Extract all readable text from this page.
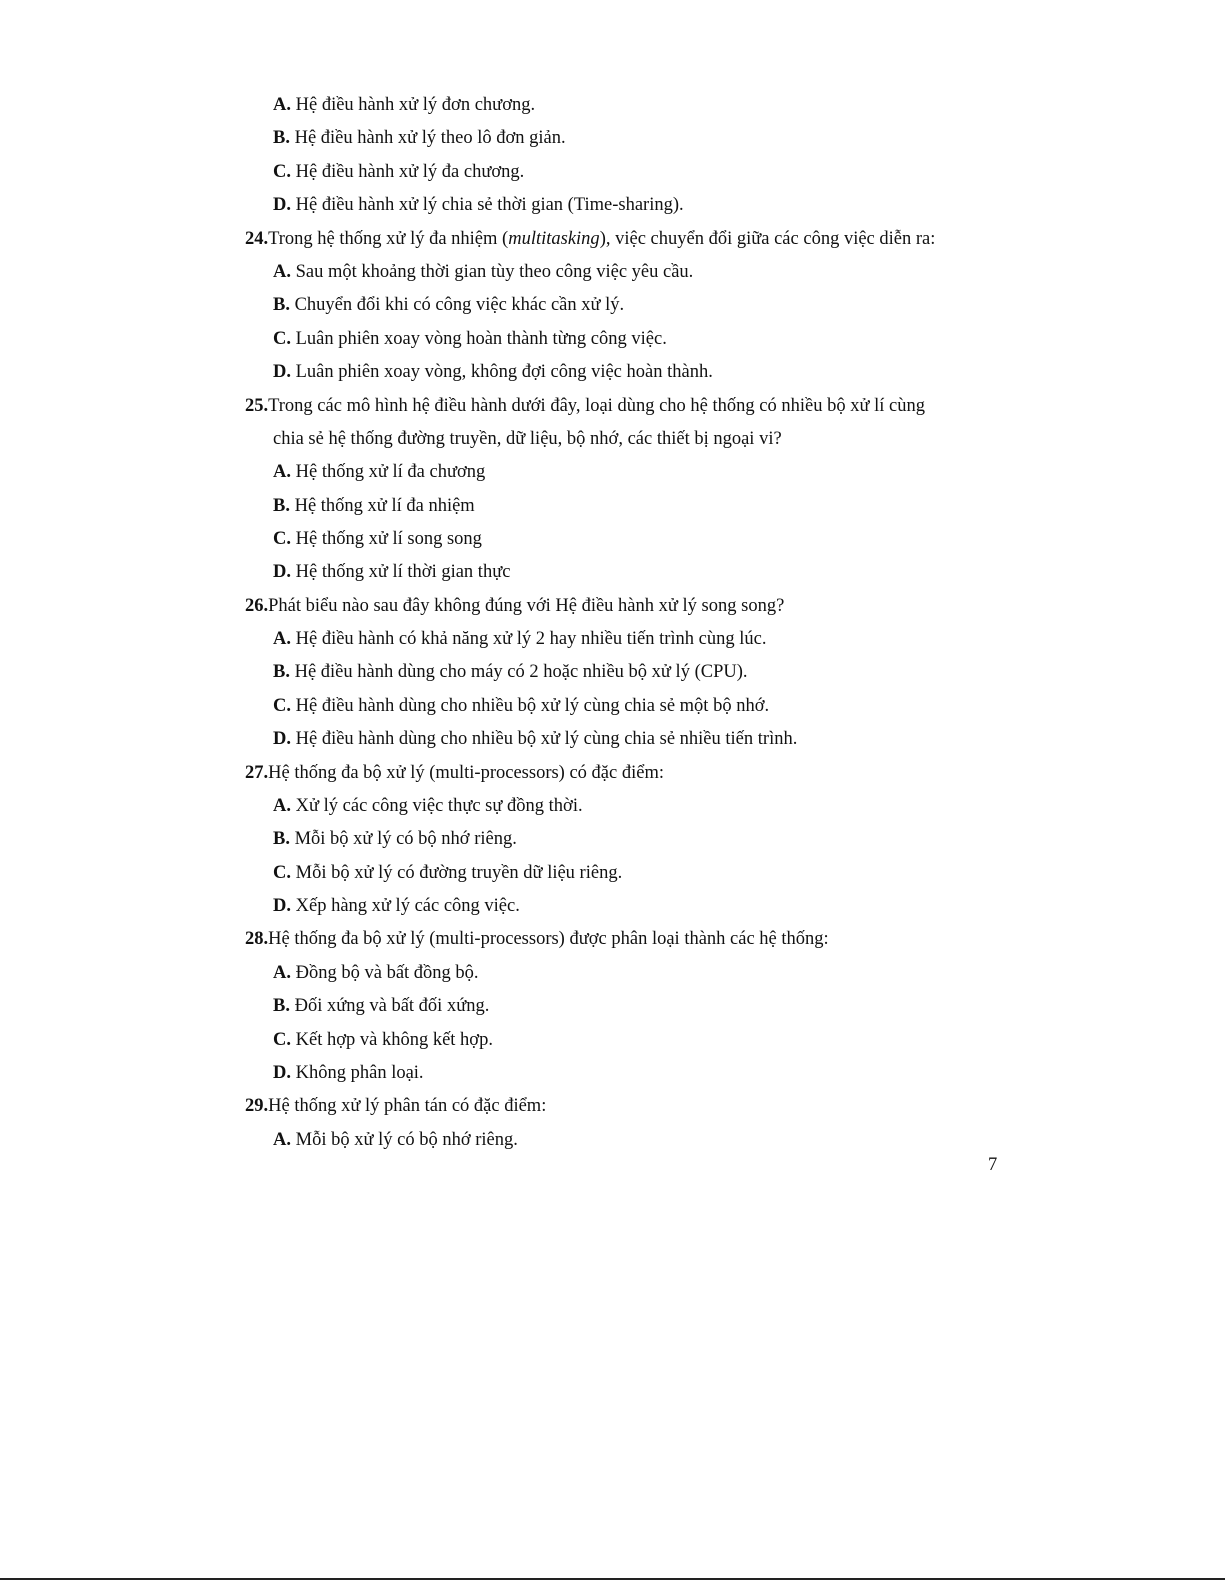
A. Hệ điều hành xử lý đơn chương.
B. Hệ điều hành xử lý theo lô đơn giản.
C. Hệ điều hành xử lý đa chương.
D. Hệ điều hành xử lý chia sẻ thời gian (Time-sharing).
24.Trong hệ thống xử lý đa nhiệm (multitasking), việc chuyển đổi giữa các công việc diễn ra:
A. Sau một khoảng thời gian tùy theo công việc yêu cầu.
B. Chuyển đổi khi có công việc khác cần xử lý.
C. Luân phiên xoay vòng hoàn thành từng công việc.
D. Luân phiên xoay vòng, không đợi công việc hoàn thành.
25.Trong các mô hình hệ điều hành dưới đây, loại dùng cho hệ thống có nhiều bộ xử lí cùng
chia sẻ hệ thống đường truyền, dữ liệu, bộ nhớ, các thiết bị ngoại vi?
A. Hệ thống xử lí đa chương
B. Hệ thống xử lí đa nhiệm
C. Hệ thống xử lí song song
D. Hệ thống xử lí thời gian thực
26.Phát biểu nào sau đây không đúng với Hệ điều hành xử lý song song?
A. Hệ điều hành có khả năng xử lý 2 hay nhiều tiến trình cùng lúc.
B. Hệ điều hành dùng cho máy có 2 hoặc nhiều bộ xử lý (CPU).
C. Hệ điều hành dùng cho nhiều bộ xử lý cùng chia sẻ một bộ nhớ.
D. Hệ điều hành dùng cho nhiều bộ xử lý cùng chia sẻ nhiều tiến trình.
27.Hệ thống đa bộ xử lý (multi-processors) có đặc điểm:
A. Xử lý các công việc thực sự đồng thời.
B. Mỗi bộ xử lý có bộ nhớ riêng.
C. Mỗi bộ xử lý có đường truyền dữ liệu riêng.
D. Xếp hàng xử lý các công việc.
28.Hệ thống đa bộ xử lý (multi-processors) được phân loại thành các hệ thống:
A. Đồng bộ và bất đồng bộ.
B. Đối xứng và bất đối xứng.
C. Kết hợp và không kết hợp.
D. Không phân loại.
29.Hệ thống xử lý phân tán có đặc điểm:
A. Mỗi bộ xử lý có bộ nhớ riêng.
7
